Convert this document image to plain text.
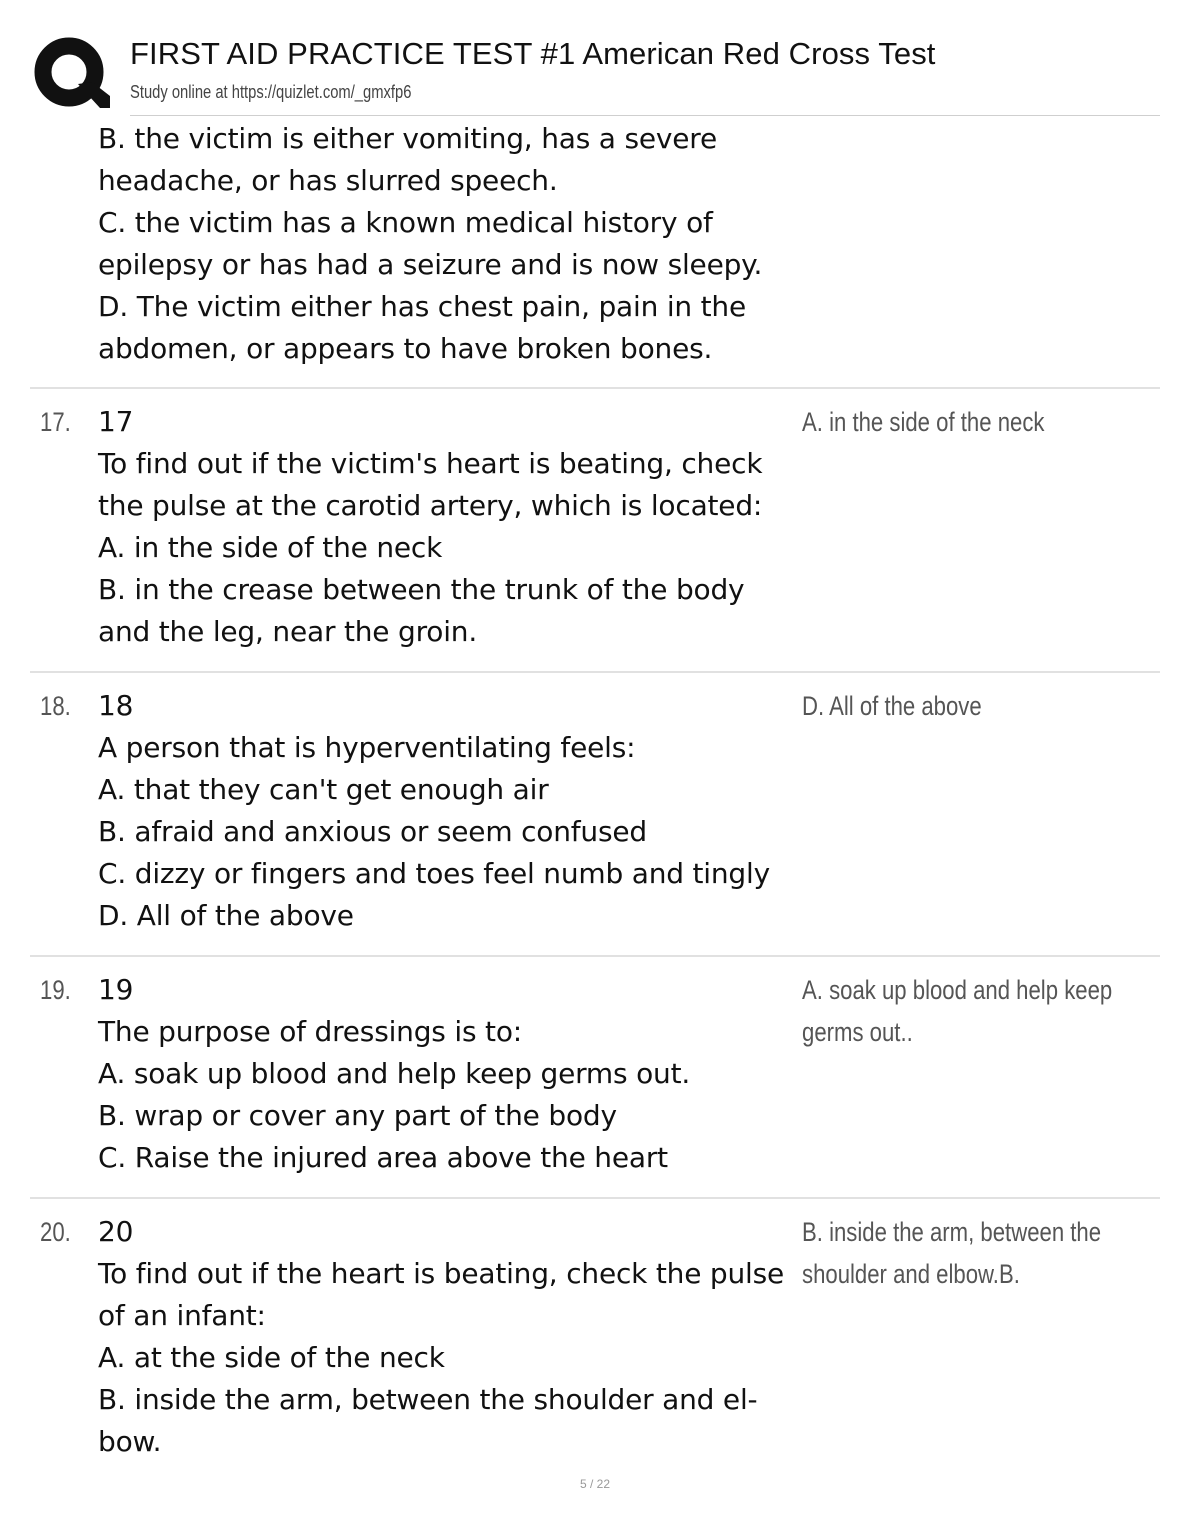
FIRST AID PRACTICE TEST #1 American Red Cross Test
Study online at https://quizlet.com/_gmxfp6
B. the victim is either vomiting, has a severe
headache, or has slurred speech.
C. the victim has a known medical history of
epilepsy or has had a seizure and is now sleepy.
D. The victim either has chest pain, pain in the
abdomen, or appears to have broken bones.
17. 17
To find out if the victim's heart is beating, check
the pulse at the carotid artery, which is located:
A. in the side of the neck
B. in the crease between the trunk of the body
and the leg, near the groin.
A. in the side of the neck
18. 18
A person that is hyperventilating feels:
A. that they can't get enough air
B. afraid and anxious or seem confused
C. dizzy or fingers and toes feel numb and tingly
D. All of the above
D. All of the above
19. 19
The purpose of dressings is to:
A. soak up blood and help keep germs out.
B. wrap or cover any part of the body
C. Raise the injured area above the heart
A. soak up blood and help keep
germs out..
20. 20
To find out if the heart is beating, check the pulse
of an infant:
A. at the side of the neck
B. inside the arm, between the shoulder and el-
bow.
B. inside the arm, between the
shoulder and elbow.B.
5 / 22
